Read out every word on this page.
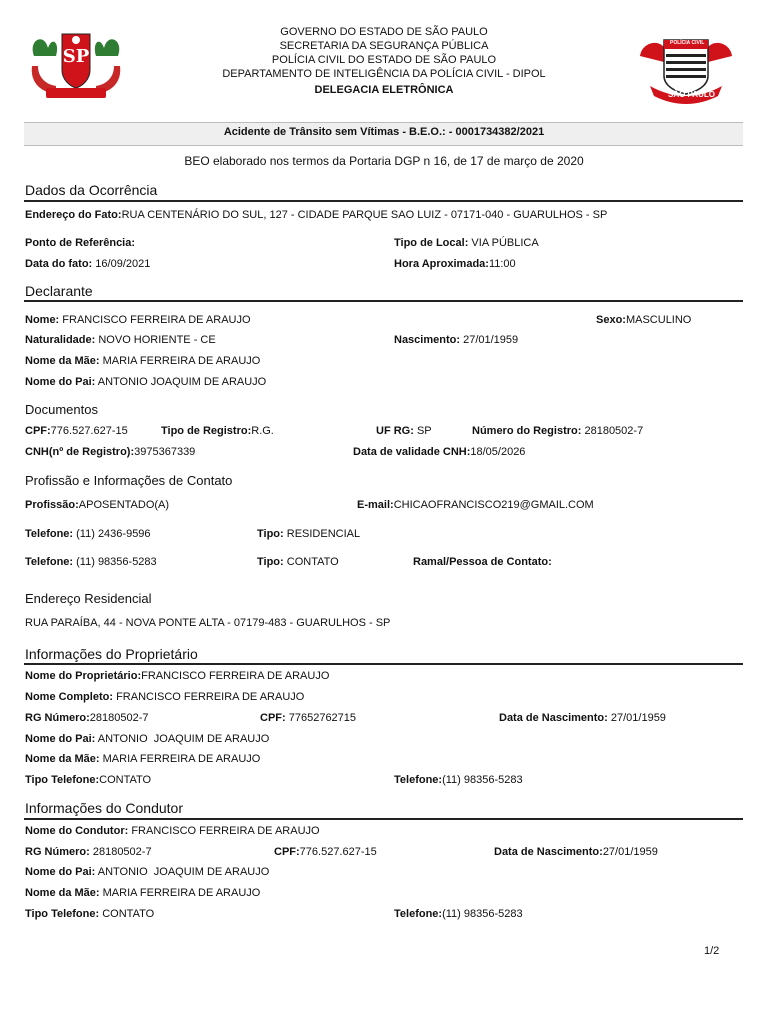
SP
POLÍCIA CIVIL
SÃO PAULO
GOVERNO DO ESTADO DE SÃO PAULO
SECRETARIA DA SEGURANÇA PÚBLICA
POLÍCIA CIVIL DO ESTADO DE SÃO PAULO
DEPARTAMENTO DE INTELIGÊNCIA DA POLÍCIA CIVIL - DIPOL
DELEGACIA ELETRÔNICA
Acidente de Trânsito sem Vítimas - B.E.O.: - 0001734382/2021
BEO elaborado nos termos da Portaria DGP n 16, de 17 de março de 2020
Dados da Ocorrência
Endereço do Fato:RUA CENTENÁRIO DO SUL, 127 - CIDADE PARQUE SAO LUIZ - 07171-040 - GUARULHOS - SP
Ponto de Referência:	Tipo de Local: VIA PÚBLICA
Data do fato: 16/09/2021	Hora Aproximada:11:00
Declarante
Nome: FRANCISCO FERREIRA DE ARAUJO	Sexo:MASCULINO
Naturalidade: NOVO HORIENTE - CE	Nascimento: 27/01/1959
Nome da Mãe: MARIA FERREIRA DE ARAUJO
Nome do Pai: ANTONIO JOAQUIM DE ARAUJO
Documentos
CPF:776.527.627-15	Tipo de Registro:R.G.	UF RG: SP	Número do Registro: 28180502-7
CNH(nº de Registro):3975367339	Data de validade CNH:18/05/2026
Profissão e Informações de Contato
Profissão:APOSENTADO(A)	E-mail:CHICAOFRANCISCO219@GMAIL.COM
Telefone: (11) 2436-9596	Tipo: RESIDENCIAL
Telefone: (11) 98356-5283	Tipo: CONTATO	Ramal/Pessoa de Contato:
Endereço Residencial
RUA PARAÍBA, 44 - NOVA PONTE ALTA - 07179-483 - GUARULHOS - SP
Informações do Proprietário
Nome do Proprietário:FRANCISCO FERREIRA DE ARAUJO
Nome Completo: FRANCISCO FERREIRA DE ARAUJO
RG Número:28180502-7	CPF: 77652762715	Data de Nascimento: 27/01/1959
Nome do Pai: ANTONIO  JOAQUIM DE ARAUJO
Nome da Mãe: MARIA FERREIRA DE ARAUJO
Tipo Telefone:CONTATO	Telefone:(11) 98356-5283
Informações do Condutor
Nome do Condutor: FRANCISCO FERREIRA DE ARAUJO
RG Número: 28180502-7	CPF:776.527.627-15	Data de Nascimento:27/01/1959
Nome do Pai: ANTONIO  JOAQUIM DE ARAUJO
Nome da Mãe: MARIA FERREIRA DE ARAUJO
Tipo Telefone: CONTATO	Telefone:(11) 98356-5283
1/2
